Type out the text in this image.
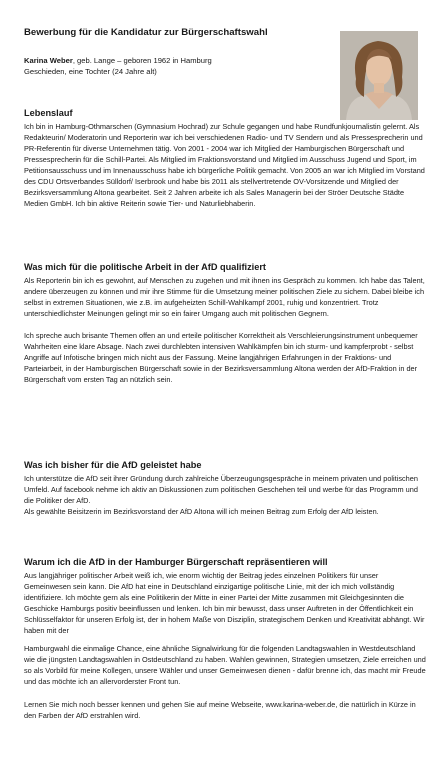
Bewerbung für die Kandidatur zur Bürgerschaftswahl
Karina Weber, geb. Lange – geboren 1962 in Hamburg
Geschieden, eine Tochter (24 Jahre alt)
Lebenslauf

Ich bin in Hamburg-Othmarschen (Gymnasium Hochrad) zur Schule gegangen und habe Rundfunkjournalistin gelernt. Als Redakteurin/ Moderatorin und Reporterin war ich bei verschiedenen Radio- und TV Sendern und als Pressesprecherin und PR-Referentin für diverse Unternehmen tätig. Von 2001 - 2004 war ich Mitglied der Hamburgischen Bürgerschaft und Pressesprecherin für die Schill-Partei. Als Mitglied im Fraktionsvorstand und Mitglied im Ausschuss Jugend und Sport, im Petitionsausschuss und im Innenausschuss habe ich bürgerliche Politik gemacht. Von 2005 an war ich Mitglied im Vorstand des CDU Ortsverbandes Sülldorf/ Iserbrook und habe bis 2011 als stellvertretende OV-Vorsitzende und Mitglied der Bezirksversammlung Altona gearbeitet. Seit 2 Jahren arbeite ich als Sales Managerin bei der Ströer Deutsche Städte Medien GmbH. Ich bin aktive Reiterin sowie Tier- und Naturliebhaberin.

Was mich für die politische Arbeit in der AfD qualifiziert

Als Reporterin bin ich es gewohnt, auf Menschen zu zugehen und mit ihnen ins Gespräch zu kommen. Ich habe das Talent, andere überzeugen zu können und mir ihre Stimme für die Umsetzung meiner politischen Ziele zu sichern. Dabei bleibe ich selbst in extremen Situationen, wie z.B. im aufgeheizten Schill-Wahlkampf 2001, ruhig und konzentriert. Trotz unterschiedlichster Meinungen gelingt mir so ein fairer Umgang auch mit politischen Gegnern.

Ich spreche auch brisante Themen offen an und erteile politischer Korrektheit als Verschleierungsinstrument unbequemer Wahrheiten eine klare Absage. Nach zwei durchlebten intensiven Wahlkämpfen bin ich sturm- und kampferprobt - selbst Angriffe auf Infotische bringen mich nicht aus der Fassung. Meine langjährigen Erfahrungen in der Fraktions- und Parteiarbeit, in der Hamburgischen Bürgerschaft sowie in der Bezirksversammlung Altona werden der AfD-Fraktion in der Bürgerschaft vom ersten Tag an nützlich sein.

Was ich bisher für die AfD geleistet habe

Ich unterstütze die AfD seit ihrer Gründung durch zahlreiche Überzeugungsgespräche in meinem privaten und politischen Umfeld. Auf facebook nehme ich aktiv an Diskussionen zum politischen Geschehen teil und werbe für das Programm und die Politiker der AfD.

Als gewählte Beisitzerin im Bezirksvorstand der AfD Altona will ich meinen Beitrag zum Erfolg der AfD leisten.

Warum ich die AfD in der Hamburger Bürgerschaft repräsentieren will

Aus langjähriger politischer Arbeit weiß ich, wie enorm wichtig der Beitrag jedes einzelnen Politikers für unser Gemeinwesen sein kann. Die AfD hat eine in Deutschland einzigartige politische Linie, mit der ich mich vollständig identifiziere. Ich möchte gern als eine Politikerin der Mitte in einer Partei der Mitte zusammen mit Gleichgesinnten die Geschicke Hamburgs positiv beeinflussen und lenken. Ich bin mir bewusst, dass unser Auftreten in der Öffentlichkeit ein Schlüsselfaktor für unseren Erfolg ist, der in hohem Maße von Disziplin, strategischem Denken und Kreativität abhängt. Wir haben mit der

Hamburgwahl die einmalige Chance, eine ähnliche Signalwirkung für die folgenden Landtagswahlen in Westdeutschland wie die jüngsten Landtagswahlen in Ostdeutschland zu haben. Wahlen gewinnen, Strategien umsetzen, Ziele erreichen und so als Vorbild für meine Kollegen, unsere Wähler und unser Gemeinwesen dienen - dafür brenne ich, das macht mir Freude und das möchte ich an allervorderster Front tun.

Lernen Sie mich noch besser kennen und gehen Sie auf meine Webseite, www.karina-weber.de, die natürlich in Kürze in den Farben der AfD erstrahlen wird.
